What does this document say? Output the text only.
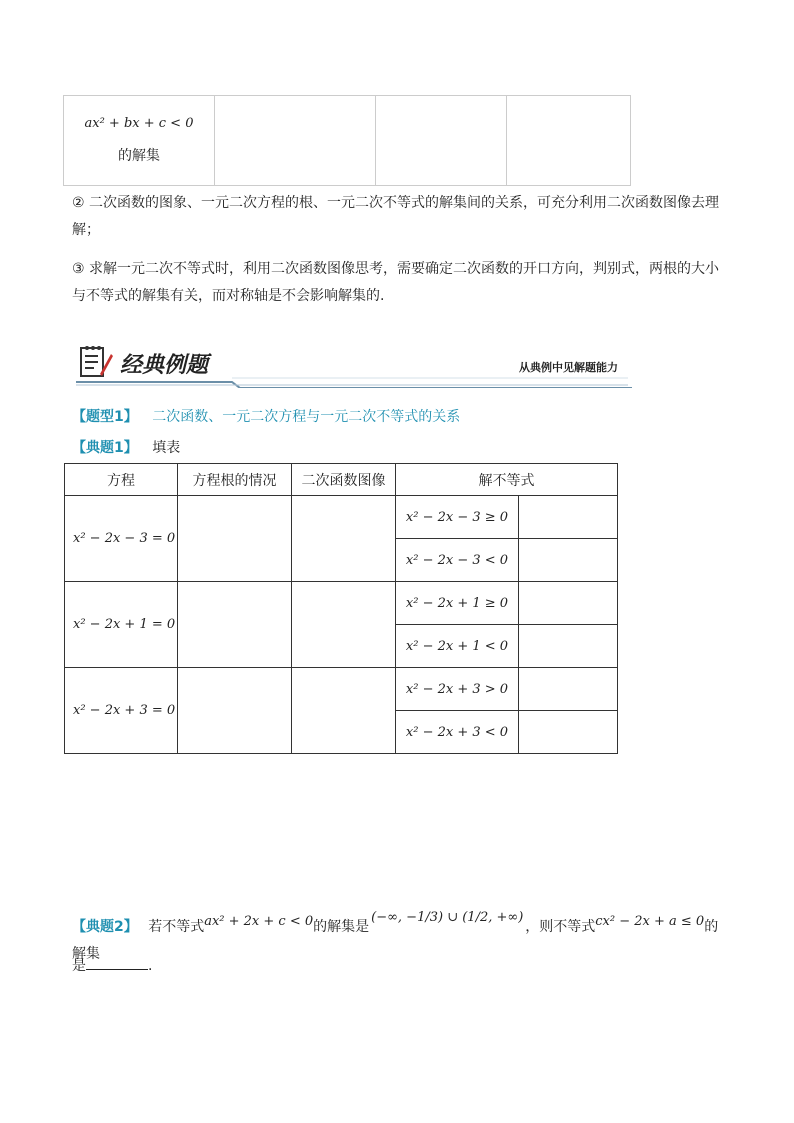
ax² + bx + c < 0
的解集

② 二次函数的图象、一元二次方程的根、一元二次不等式的解集间的关系，可充分利用二次函数图像去理解；
③ 求解一元二次不等式时，利用二次函数图像思考，需要确定二次函数的开口方向，判别式，两根的大小与不等式的解集有关，而对称轴是不会影响解集的.
经典例题	从典例中见解题能力
【题型1】 二次函数、一元二次方程与一元二次不等式的关系
【典题1】 填表
方程	方程根的情况	二次函数图像	解不等式	
x² − 2x − 3 = 0			x² − 2x − 3 ≥ 0	
			x² − 2x − 3 < 0	
x² − 2x + 1 = 0			x² − 2x + 1 ≥ 0	
			x² − 2x + 1 < 0	
x² − 2x + 3 = 0			x² − 2x + 3 > 0	
			x² − 2x + 3 < 0	
【典题2】 若不等式ax² + 2x + c < 0的解集是(−∞, −1/3) ∪ (1/2, +∞)，则不等式cx² − 2x + a ≤ 0的解集
是	.
